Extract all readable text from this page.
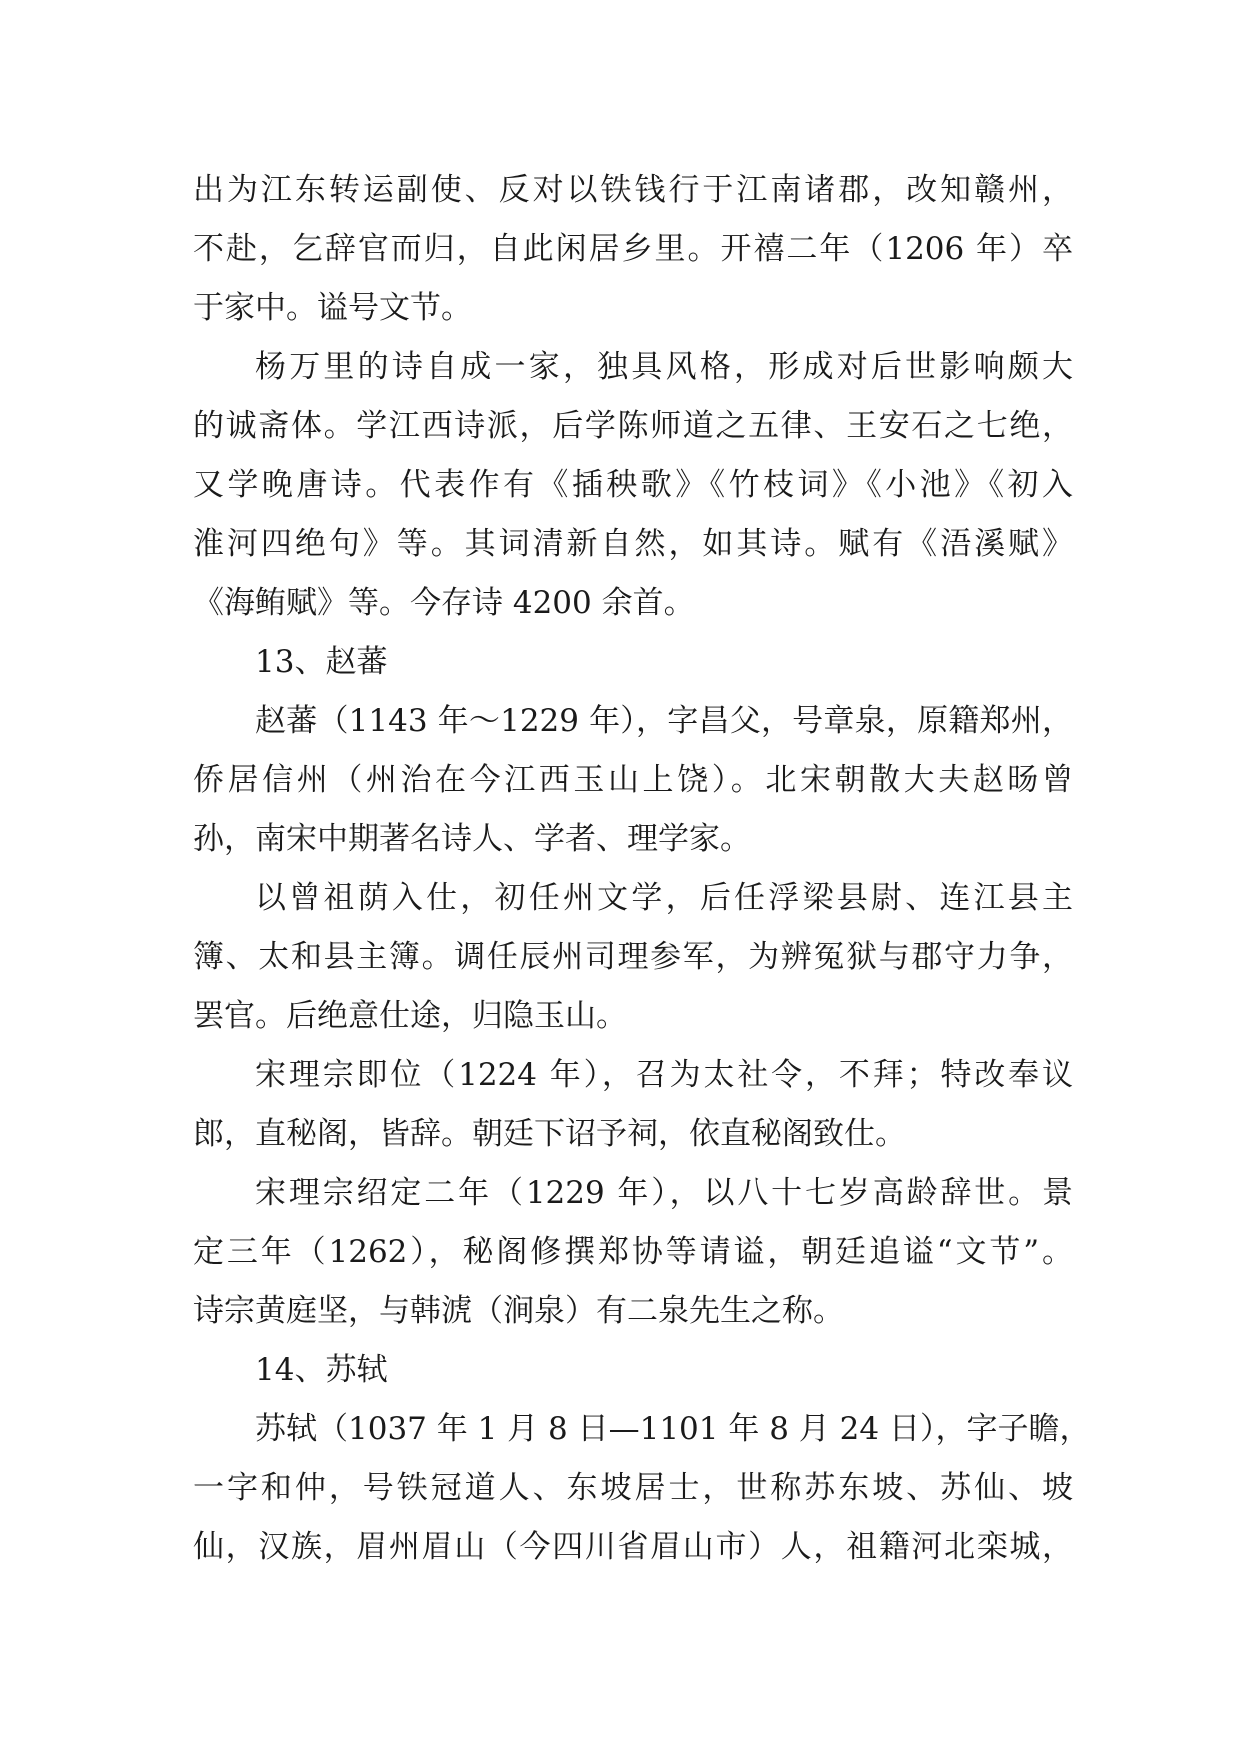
出为江东转运副使、反对以铁钱行于江南诸郡，改知赣州，
不赴，乞辞官而归，自此闲居乡里。开禧二年（1206 年）卒
于家中。谥号文节。
杨万里的诗自成一家，独具风格，形成对后世影响颇大
的诚斋体。学江西诗派，后学陈师道之五律、王安石之七绝，
又学晚唐诗。代表作有《插秧歌》《竹枝词》《小池》《初入
淮河四绝句》等。其词清新自然，如其诗。赋有《浯溪赋》
《海鲔赋》等。今存诗 4200 余首。
13、赵蕃
赵蕃（1143 年～1229 年），字昌父，号章泉，原籍郑州，
侨居信州（州治在今江西玉山上饶）。北宋朝散大夫赵旸曾
孙，南宋中期著名诗人、学者、理学家。
以曾祖荫入仕，初任州文学，后任浮梁县尉、连江县主
簿、太和县主簿。调任辰州司理参军，为辨冤狱与郡守力争，
罢官。后绝意仕途，归隐玉山。
宋理宗即位（1224 年），召为太社令，不拜；特改奉议
郎，直秘阁，皆辞。朝廷下诏予祠，依直秘阁致仕。
宋理宗绍定二年（1229 年），以八十七岁高龄辞世。景
定三年（1262），秘阁修撰郑协等请谥，朝廷追谥“文节”。
诗宗黄庭坚，与韩淲（涧泉）有二泉先生之称。
14、苏轼
苏轼（1037 年 1 月 8 日—1101 年 8 月 24 日），字子瞻，
一字和仲，号铁冠道人、东坡居士，世称苏东坡、苏仙、坡
仙，汉族，眉州眉山（今四川省眉山市）人，祖籍河北栾城，
